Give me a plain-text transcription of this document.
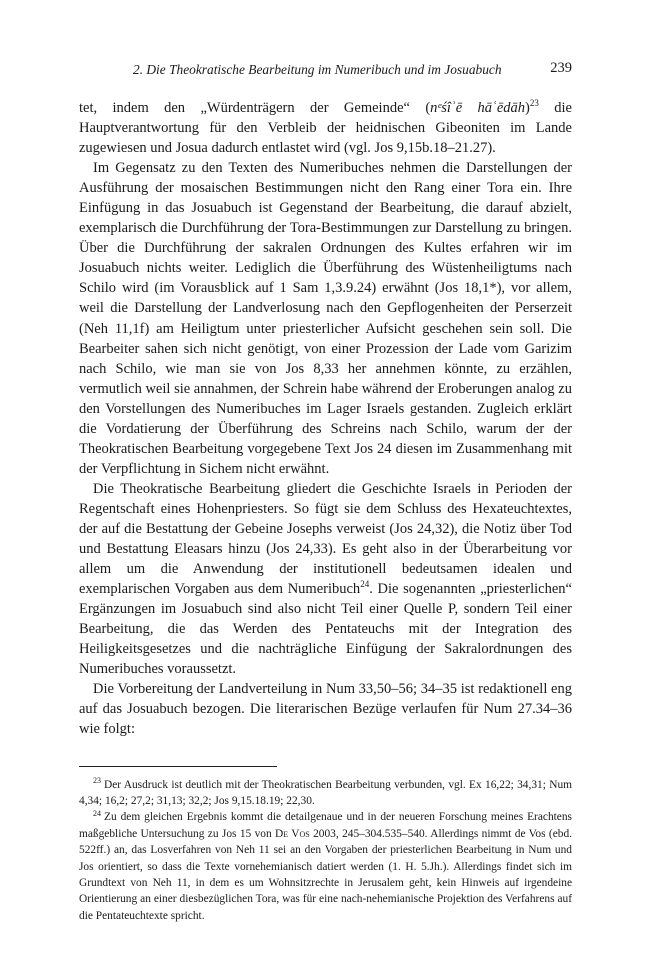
2. Die Theokratische Bearbeitung im Numeribuch und im Josuabuch	239

tet, indem den „Würdenträgern der Gemeinde“ (nᵉśîʾē hāʿēdāh)$^{23}$ die Hauptverantwortung für den Verbleib der heidnischen Gibeoniten im Lande zugewiesen und Josua dadurch entlastet wird (vgl. Jos 9,15b.18–21.27).

Im Gegensatz zu den Texten des Numeribuches nehmen die Darstellungen der Ausführung der mosaischen Bestimmungen nicht den Rang einer Tora ein. Ihre Einfügung in das Josuabuch ist Gegenstand der Bearbeitung, die darauf abzielt, exemplarisch die Durchführung der Tora-Bestimmungen zur Darstellung zu bringen. Über die Durchführung der sakralen Ordnungen des Kultes erfahren wir im Josuabuch nichts weiter. Lediglich die Überführung des Wüstenheiligtums nach Schilo wird (im Vorausblick auf 1 Sam 1,3.9.24) erwähnt (Jos 18,1*), vor allem, weil die Darstellung der Landverlosung nach den Gepflogenheiten der Perserzeit (Neh 11,1f) am Heiligtum unter priesterlicher Aufsicht geschehen sein soll. Die Bearbeiter sahen sich nicht genötigt, von einer Prozession der Lade vom Garizim nach Schilo, wie man sie von Jos 8,33 her annehmen könnte, zu erzählen, vermutlich weil sie annahmen, der Schrein habe während der Eroberungen analog zu den Vorstellungen des Numeribuches im Lager Israels gestanden. Zugleich erklärt die Vordatierung der Überführung des Schreins nach Schilo, warum der der Theokratischen Bearbeitung vorgegebene Text Jos 24 diesen im Zusammenhang mit der Verpflichtung in Sichem nicht erwähnt.

Die Theokratische Bearbeitung gliedert die Geschichte Israels in Perioden der Regentschaft eines Hohenpriesters. So fügt sie dem Schluss des Hexateuchtextes, der auf die Bestattung der Gebeine Josephs verweist (Jos 24,32), die Notiz über Tod und Bestattung Eleasars hinzu (Jos 24,33). Es geht also in der Überarbeitung vor allem um die Anwendung der institutionell bedeutsamen idealen und exemplarischen Vorgaben aus dem Numeribuch$^{24}$. Die sogenannten „priesterlichen“ Ergänzungen im Josuabuch sind also nicht Teil einer Quelle P, sondern Teil einer Bearbeitung, die das Werden des Pentateuchs mit der Integration des Heiligkeitsgesetzes und die nachträgliche Einfügung der Sakralordnungen des Numeribuches voraussetzt.

Die Vorbereitung der Landverteilung in Num 33,50–56; 34–35 ist redaktionell eng auf das Josuabuch bezogen. Die literarischen Bezüge verlaufen für Num 27.34–36 wie folgt:

$^{23}$ Der Ausdruck ist deutlich mit der Theokratischen Bearbeitung verbunden, vgl. Ex 16,22; 34,31; Num 4,34; 16,2; 27,2; 31,13; 32,2; Jos 9,15.18.19; 22,30.

$^{24}$ Zu dem gleichen Ergebnis kommt die detailgenaue und in der neueren Forschung meines Erachtens maßgebliche Untersuchung zu Jos 15 von De Vos 2003, 245–304.535–540. Allerdings nimmt de Vos (ebd. 522ff.) an, das Losverfahren von Neh 11 sei an den Vorgaben der priesterlichen Bearbeitung in Num und Jos orientiert, so dass die Texte vornehemianisch datiert werden (1. H. 5.Jh.). Allerdings findet sich im Grundtext von Neh 11, in dem es um Wohnsitzrechte in Jerusalem geht, kein Hinweis auf irgendeine Orientierung an einer diesbezüglichen Tora, was für eine nach-nehemianische Projektion des Verfahrens auf die Pentateuchtexte spricht.
